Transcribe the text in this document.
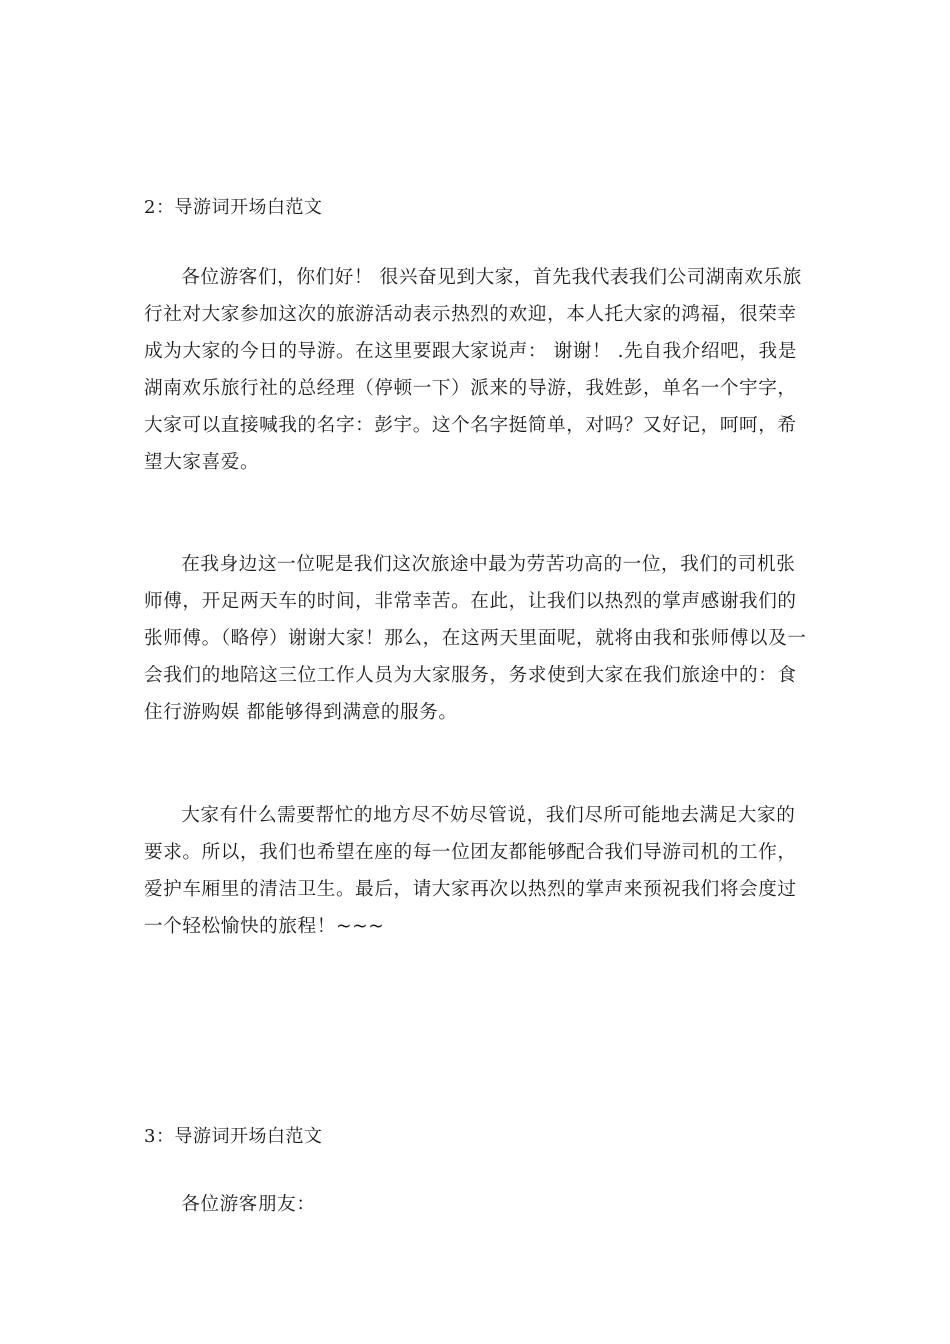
2：导游词开场白范文

各位游客们，你们好！ 很兴奋见到大家，首先我代表我们公司湖南欢乐旅行社对大家参加这次的旅游活动表示热烈的欢迎，本人托大家的鸿福，很荣幸成为大家的今日的导游。在这里要跟大家说声： 谢谢！ .先自我介绍吧，我是湖南欢乐旅行社的总经理（停顿一下）派来的导游，我姓彭，单名一个宇字，大家可以直接喊我的名字：彭宇。这个名字挺简单，对吗？又好记，呵呵，希望大家喜爱。

在我身边这一位呢是我们这次旅途中最为劳苦功高的一位，我们的司机张师傅，开足两天车的时间，非常幸苦。在此，让我们以热烈的掌声感谢我们的张师傅。（略停）谢谢大家！那么，在这两天里面呢，就将由我和张师傅以及一会我们的地陪这三位工作人员为大家服务，务求使到大家在我们旅途中的：食住行游购娱 都能够得到满意的服务。

大家有什么需要帮忙的地方尽不妨尽管说，我们尽所可能地去满足大家的要求。所以，我们也希望在座的每一位团友都能够配合我们导游司机的工作，爱护车厢里的清洁卫生。最后，请大家再次以热烈的掌声来预祝我们将会度过一个轻松愉快的旅程！~~~

3：导游词开场白范文

各位游客朋友：
